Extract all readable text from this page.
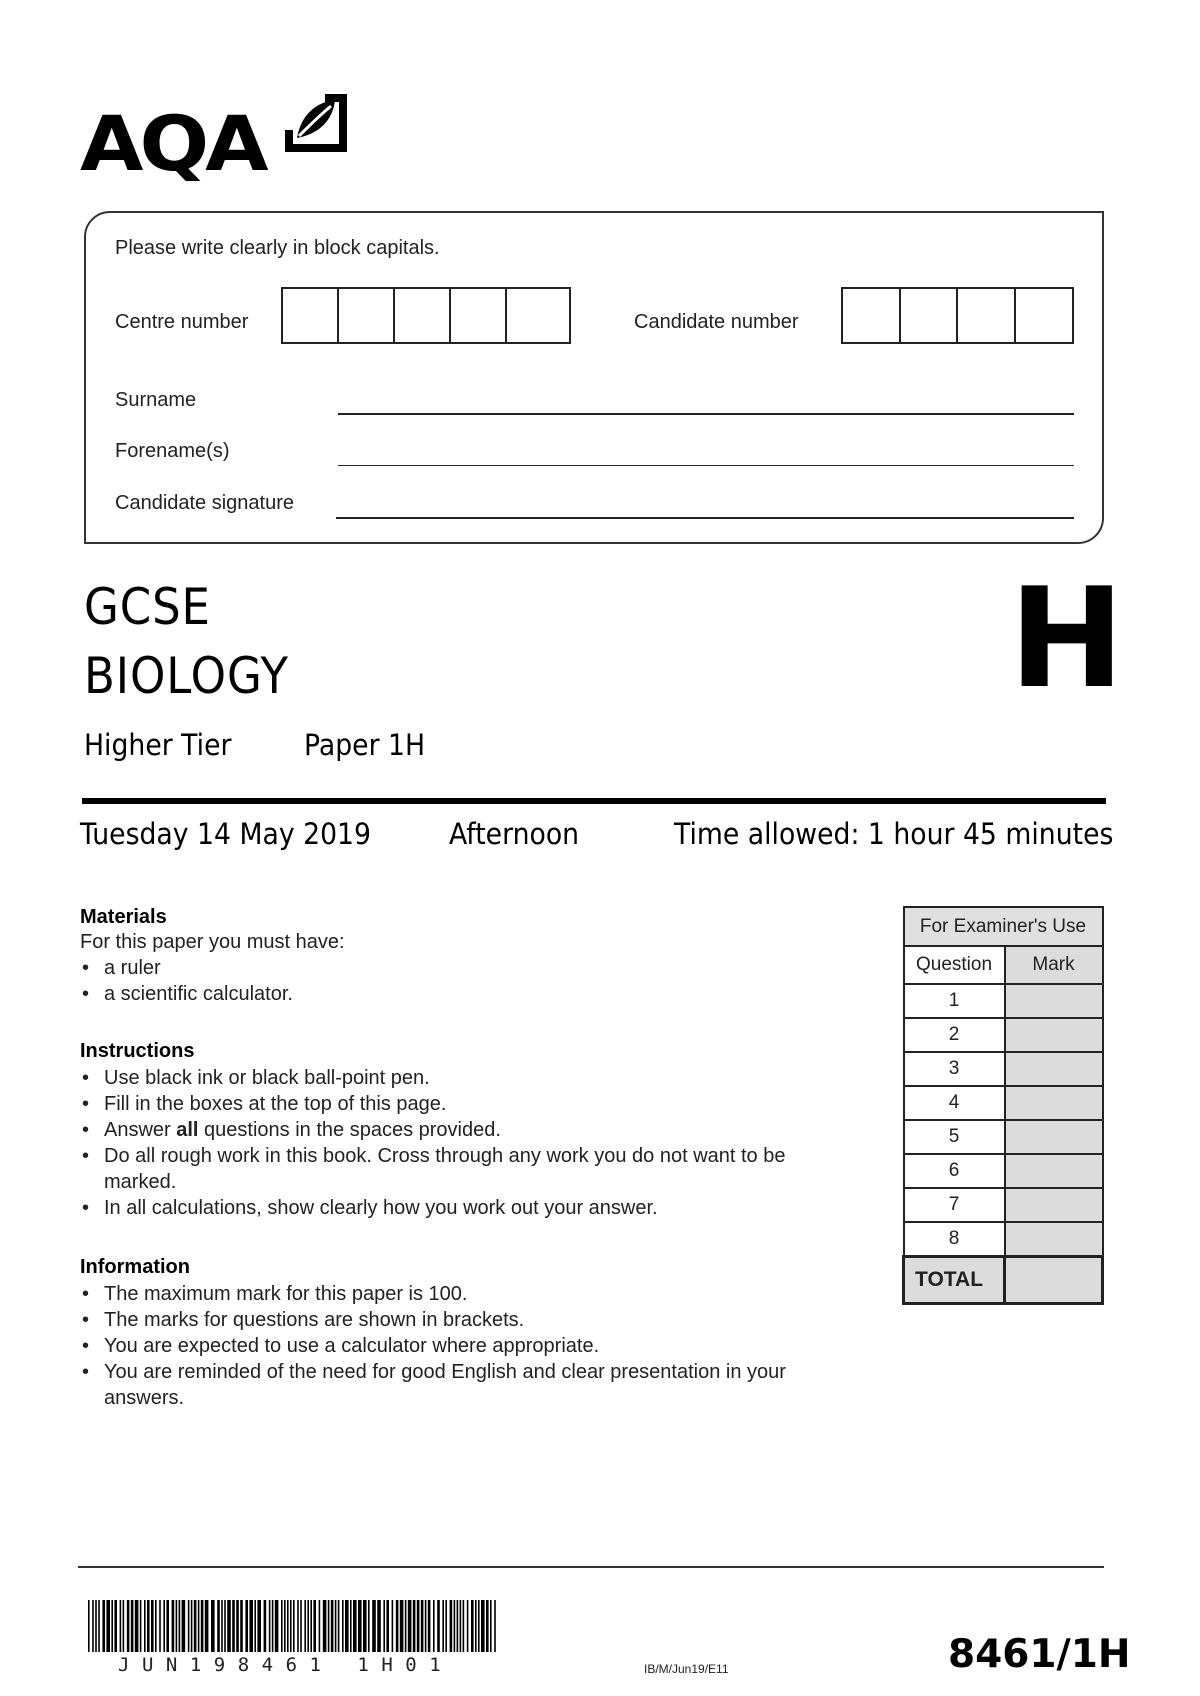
AQA
Please write clearly in block capitals.
Centre number	Candidate number
Surname
Forename(s)
Candidate signature
GCSE
BIOLOGY
Higher Tier	Paper 1H
H
Tuesday 14 May 2019	Afternoon	Time allowed: 1 hour 45 minutes
Materials
For this paper you must have:
• a ruler
• a scientific calculator.
Instructions
• Use black ink or black ball-point pen.
• Fill in the boxes at the top of this page.
• Answer all questions in the spaces provided.
• Do all rough work in this book. Cross through any work you do not want to be marked.
• In all calculations, show clearly how you work out your answer.
Information
• The maximum mark for this paper is 100.
• The marks for questions are shown in brackets.
• You are expected to use a calculator where appropriate.
• You are reminded of the need for good English and clear presentation in your answers.
For Examiner's Use	
Question	Mark
1	
2	
3	
4	
5	
6	
7	
8	
TOTAL	
JUN198461 1H01	IB/M/Jun19/E11	8461/1H
